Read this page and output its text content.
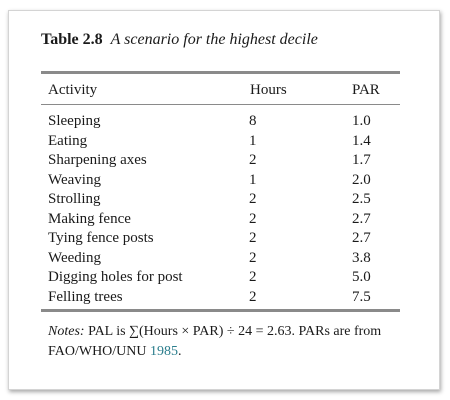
Table 2.8 A scenario for the highest decile
Activity	Hours	PAR
Sleeping	8	1.0
Eating	1	1.4
Sharpening axes	2	1.7
Weaving	1	2.0
Strolling	2	2.5
Making fence	2	2.7
Tying fence posts	2	2.7
Weeding	2	3.8
Digging holes for post	2	5.0
Felling trees	2	7.5
Notes: PAL is ∑(Hours × PAR) ÷ 24 = 2.63. PARs are from FAO/WHO/UNU 1985.
